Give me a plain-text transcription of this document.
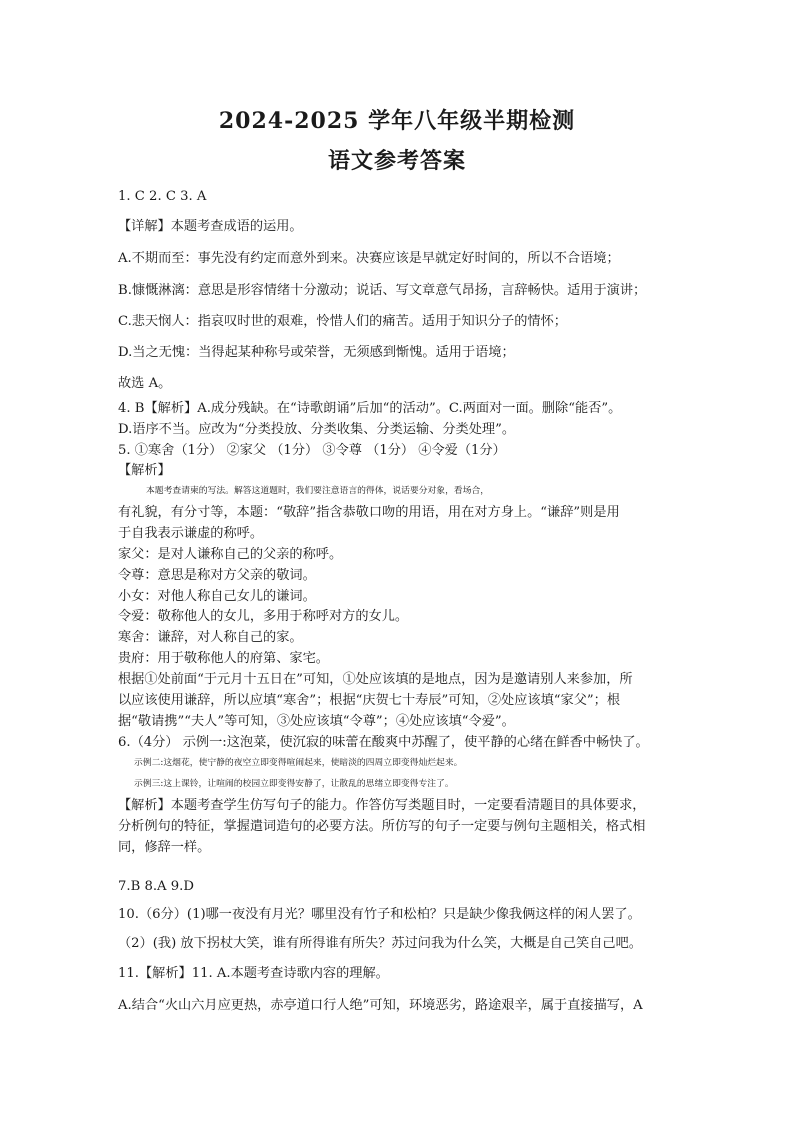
2024-2025 学年八年级半期检测
语文参考答案

1. C 2. C 3. A

【详解】本题考查成语的运用。

A.不期而至：事先没有约定而意外到来。决赛应该是早就定好时间的，所以不合语境；

B.慷慨淋漓：意思是形容情绪十分激动；说话、写文章意气昂扬，言辞畅快。适用于演讲；

C.悲天悯人：指哀叹时世的艰难，怜惜人们的痛苦。适用于知识分子的情怀；

D.当之无愧：当得起某种称号或荣誉，无须感到惭愧。适用于语境；

故选 A。

4. B【解析】A.成分残缺。在“诗歌朗诵”后加“的活动”。C.两面对一面。删除“能否”。

D.语序不当。应改为“分类投放、分类收集、分类运输、分类处理”。

5. ①寒舍（1分） ②家父 （1分） ③令尊 （1分） ④令爱（1分）

【解析】

本题考查请柬的写法。解答这道题时，我们要注意语言的得体，说话要分对象，看场合，

有礼貌，有分寸等，本题：“敬辞”指含恭敬口吻的用语，用在对方身上。“谦辞”则是用

于自我表示谦虚的称呼。

家父：是对人谦称自己的父亲的称呼。

令尊：意思是称对方父亲的敬词。

小女：对他人称自己女儿的谦词。

令爱：敬称他人的女儿，多用于称呼对方的女儿。

寒舍：谦辞，对人称自己的家。

贵府：用于敬称他人的府第、家宅。

根据①处前面“于元月十五日在”可知，①处应该填的是地点，因为是邀请别人来参加，所

以应该使用谦辞，所以应填“寒舍”；根据“庆贺七十寿辰”可知，②处应该填“家父”；根

据“敬请携”“夫人”等可知，③处应该填“令尊”；④处应该填“令爱”。

6.（4分） 示例一:这泡菜，使沉寂的味蕾在酸爽中苏醒了，使平静的心绪在鲜香中畅快了。

示例二:这烟花，使宁静的夜空立即变得喧闹起来，使暗淡的四周立即变得灿烂起来。

示例三:这上课铃，让喧闹的校园立即变得安静了，让散乱的思绪立即变得专注了。

【解析】本题考查学生仿写句子的能力。作答仿写类题目时，一定要看清题目的具体要求，

分析例句的特征，掌握遣词造句的必要方法。所仿写的句子一定要与例句主题相关，格式相

同，修辞一样。

7.B 8.A 9.D

10.（6分）(1)哪一夜没有月光？哪里没有竹子和松柏？只是缺少像我俩这样的闲人罢了。

（2）(我) 放下拐杖大笑，谁有所得谁有所失？苏过问我为什么笑，大概是自己笑自己吧。

11.【解析】11. A.本题考查诗歌内容的理解。

A.结合“火山六月应更热，赤亭道口行人绝”可知，环境恶劣，路途艰辛，属于直接描写，A
